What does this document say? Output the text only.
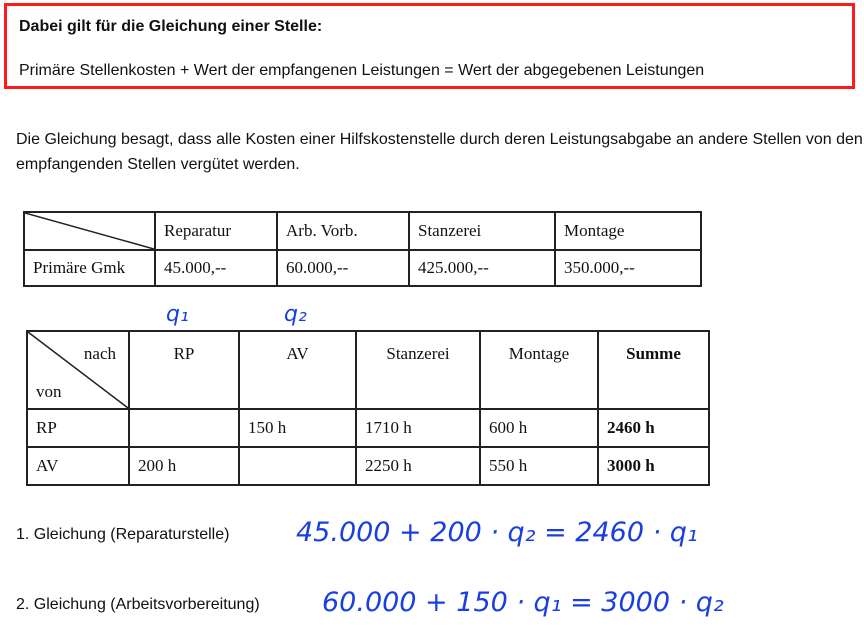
Dabei gilt für die Gleichung einer Stelle:
Primäre Stellenkosten + Wert der empfangenen Leistungen = Wert der abgegebenen Leistungen
Die Gleichung besagt, dass alle Kosten einer Hilfskostenstelle durch deren Leistungsabgabe an andere Stellen von den empfangenden Stellen vergütet werden.
	Reparatur	Arb. Vorb.	Stanzerei	Montage
Primäre Gmk	45.000,--	60.000,--	425.000,--	350.000,--
q₁	q₂
nach
von	RP	AV	Stanzerei	Montage	Summe
RP		150 h	1710 h	600 h	2460 h
AV	200 h		2250 h	550 h	3000 h
1. Gleichung (Reparaturstelle) 45.000 + 200 · q₂ = 2460 · q₁
2. Gleichung (Arbeitsvorbereitung) 60.000 + 150 · q₁ = 3000 · q₂
